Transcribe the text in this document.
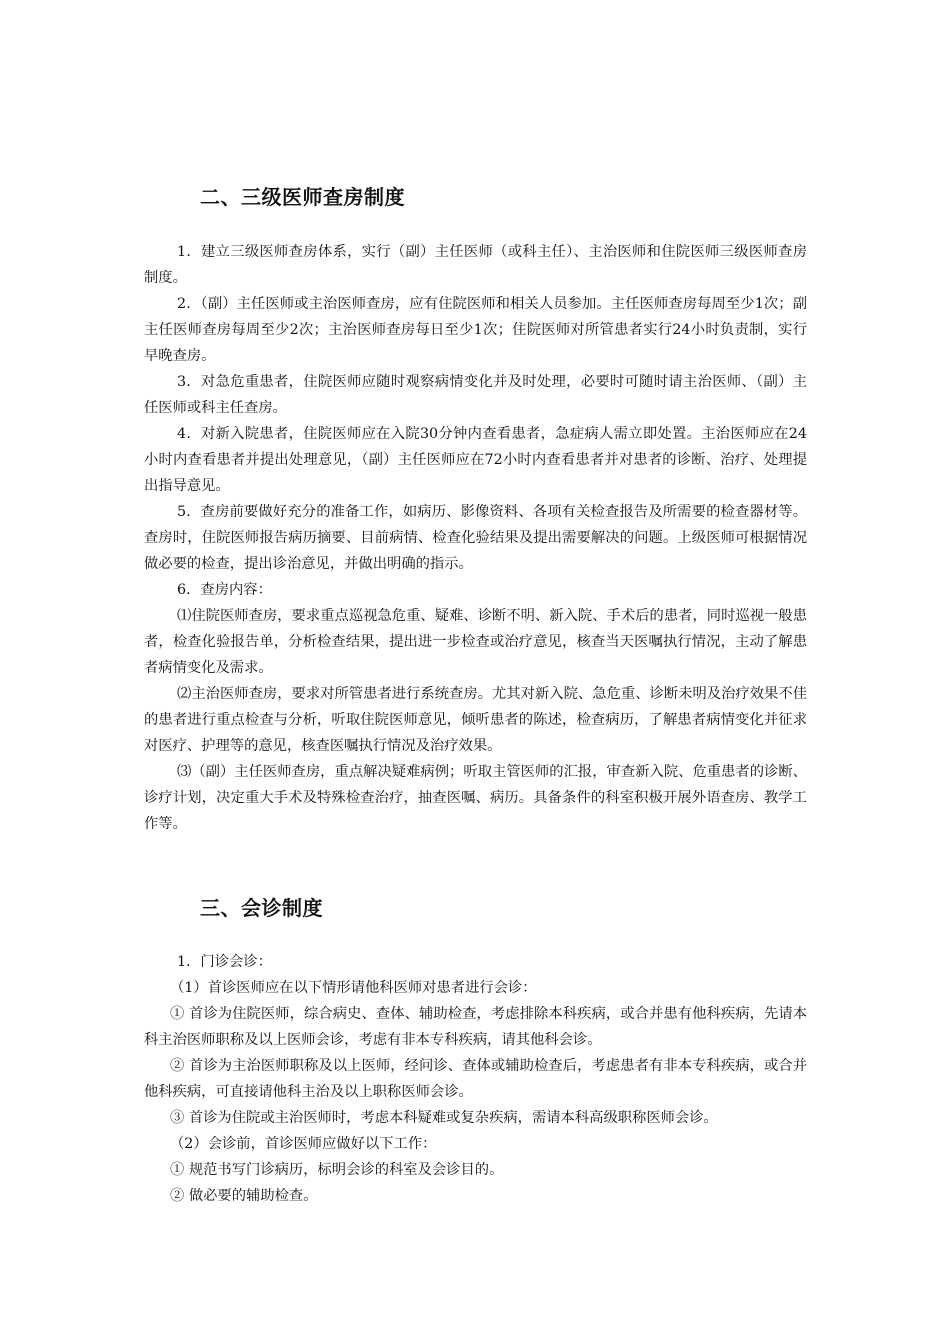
二、三级医师查房制度

1．建立三级医师查房体系，实行（副）主任医师（或科主任）、主治医师和住院医师三级医师查房制度。

2．（副）主任医师或主治医师查房，应有住院医师和相关人员参加。主任医师查房每周至少1次；副主任医师查房每周至少2次；主治医师查房每日至少1次；住院医师对所管患者实行24小时负责制，实行早晚查房。

3．对急危重患者，住院医师应随时观察病情变化并及时处理，必要时可随时请主治医师、（副）主任医师或科主任查房。

4．对新入院患者，住院医师应在入院30分钟内查看患者，急症病人需立即处置。主治医师应在24小时内查看患者并提出处理意见，（副）主任医师应在72小时内查看患者并对患者的诊断、治疗、处理提出指导意见。

5．查房前要做好充分的准备工作，如病历、影像资料、各项有关检查报告及所需要的检查器材等。查房时，住院医师报告病历摘要、目前病情、检查化验结果及提出需要解决的问题。上级医师可根据情况做必要的检查，提出诊治意见，并做出明确的指示。

6．查房内容：

⑴住院医师查房，要求重点巡视急危重、疑难、诊断不明、新入院、手术后的患者，同时巡视一般患者，检查化验报告单，分析检查结果，提出进一步检查或治疗意见，核查当天医嘱执行情况，主动了解患者病情变化及需求。

⑵主治医师查房，要求对所管患者进行系统查房。尤其对新入院、急危重、诊断未明及治疗效果不佳的患者进行重点检查与分析，听取住院医师意见，倾听患者的陈述，检查病历，了解患者病情变化并征求对医疗、护理等的意见，核查医嘱执行情况及治疗效果。

⑶（副）主任医师查房，重点解决疑难病例；听取主管医师的汇报，审查新入院、危重患者的诊断、诊疗计划，决定重大手术及特殊检查治疗，抽查医嘱、病历。具备条件的科室积极开展外语查房、教学工作等。

三、会诊制度

1．门诊会诊：

（1）首诊医师应在以下情形请他科医师对患者进行会诊：

① 首诊为住院医师，综合病史、查体、辅助检查，考虑排除本科疾病，或合并患有他科疾病，先请本科主治医师职称及以上医师会诊，考虑有非本专科疾病，请其他科会诊。

② 首诊为主治医师职称及以上医师，经问诊、查体或辅助检查后，考虑患者有非本专科疾病，或合并他科疾病，可直接请他科主治及以上职称医师会诊。

③ 首诊为住院或主治医师时，考虑本科疑难或复杂疾病，需请本科高级职称医师会诊。

（2）会诊前，首诊医师应做好以下工作：

① 规范书写门诊病历，标明会诊的科室及会诊目的。

② 做必要的辅助检查。
